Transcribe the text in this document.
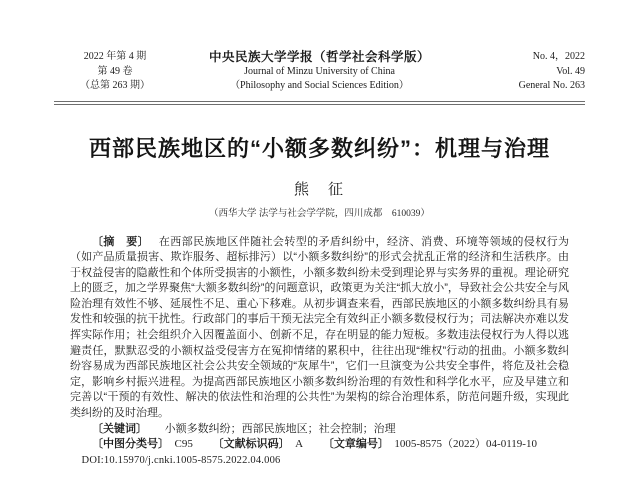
2022 年第 4 期
第 49 卷
（总第 263 期）
中央民族大学学报（哲学社会科学版）
Journal of Minzu University of China
（Philosophy and Social Sciences Edition）
No. 4，2022
Vol. 49
General No. 263
西部民族地区的“小额多数纠纷”：机理与治理
熊　征
（西华大学 法学与社会学学院，四川成都　610039）

〔摘　要〕 在西部民族地区伴随社会转型的矛盾纠纷中，经济、消费、环境等领域的侵权行为（如产品质量损害、欺诈服务、超标排污）以“小额多数纠纷”的形式会扰乱正常的经济和生活秩序。由于权益侵害的隐蔽性和个体所受损害的小额性，小额多数纠纷未受到理论界与实务界的重视。理论研究上的匮乏，加之学界聚焦“大额多数纠纷”的问题意识，政策更为关注“抓大放小”，导致社会公共安全与风险治理有效性不够、延展性不足、重心下移难。从初步调查来看，西部民族地区的小额多数纠纷具有易发性和较强的抗干扰性。行政部门的事后干预无法完全有效纠正小额多数侵权行为；司法解决亦难以发挥实际作用；社会组织介入因覆盖面小、创新不足，存在明显的能力短板。多数违法侵权行为人得以逃避责任，默默忍受的小额权益受侵害方在冤抑情绪的累积中，往往出现“维权”行动的扭曲。小额多数纠纷容易成为西部民族地区社会公共安全领域的“灰犀牛”，它们一旦演变为公共安全事件，将危及社会稳定，影响乡村振兴进程。为提高西部民族地区小额多数纠纷治理的有效性和科学化水平，应及早建立和完善以“干预的有效性、解决的依法性和治理的公共性”为架构的综合治理体系，防范问题升级，实现此类纠纷的及时治理。

〔关键词〕 小额多数纠纷；西部民族地区；社会控制；治理

〔中图分类号〕 C95 〔文献标识码〕 A 〔文章编号〕 1005-8575（2022）04-0119-10

DOI:10.15970/j.cnki.1005-8575.2022.04.006
